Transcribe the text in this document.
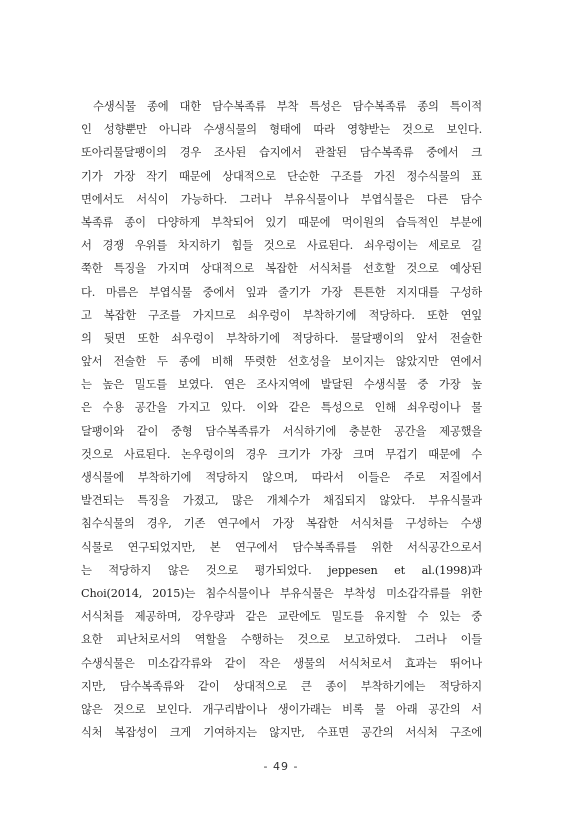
수생식물 종에 대한 담수복족류 부착 특성은 담수복족류 종의 특이적
인 성향뿐만 아니라 수생식물의 형태에 따라 영향받는 것으로 보인다.
또아리물달팽이의 경우 조사된 습지에서 관찰된 담수복족류 중에서 크
기가 가장 작기 때문에 상대적으로 단순한 구조를 가진 정수식물의 표
면에서도 서식이 가능하다. 그러나 부유식물이나 부엽식물은 다른 담수
복족류 종이 다양하게 부착되어 있기 때문에 먹이원의 습득적인 부분에
서 경쟁 우위를 차지하기 힘들 것으로 사료된다. 쇠우렁이는 세로로 길
쭉한 특징을 가지며 상대적으로 복잡한 서식처를 선호할 것으로 예상된
다. 마름은 부엽식물 중에서 잎과 줄기가 가장 튼튼한 지지대를 구성하
고 복잡한 구조를 가지므로 쇠우렁이 부착하기에 적당하다. 또한 연잎
의 뒷면 또한 쇠우렁이 부착하기에 적당하다. 물달팽이의 앞서 전술한
앞서 전술한 두 종에 비해 뚜렷한 선호성을 보이지는 않았지만 연에서
는 높은 밀도를 보였다. 연은 조사지역에 발달된 수생식물 중 가장 높
은 수용 공간을 가지고 있다. 이와 같은 특성으로 인해 쇠우렁이나 물
달팽이와 같이 중형 담수복족류가 서식하기에 충분한 공간을 제공했을
것으로 사료된다. 논우렁이의 경우 크기가 가장 크며 무겁기 때문에 수
생식물에 부착하기에 적당하지 않으며, 따라서 이들은 주로 저질에서
발견되는 특징을 가졌고, 많은 개체수가 채집되지 않았다. 부유식물과
침수식물의 경우, 기존 연구에서 가장 복잡한 서식처를 구성하는 수생
식물로 연구되었지만, 본 연구에서 담수복족류를 위한 서식공간으로서
는 적당하지 않은 것으로 평가되었다. jeppesen et al.(1998)과
Choi(2014, 2015)는 침수식물이나 부유식물은 부착성 미소갑각류를 위한
서식처를 제공하며, 강우량과 같은 교란에도 밀도를 유지할 수 있는 중
요한 피난처로서의 역할을 수행하는 것으로 보고하였다. 그러나 이들
수생식물은 미소갑각류와 같이 작은 생물의 서식처로서 효과는 뛰어나
지만, 담수복족류와 같이 상대적으로 큰 종이 부착하기에는 적당하지
않은 것으로 보인다. 개구리밥이나 생이가래는 비록 물 아래 공간의 서
식처 복잡성이 크게 기여하지는 않지만, 수표면 공간의 서식처 구조에
- 49 -
